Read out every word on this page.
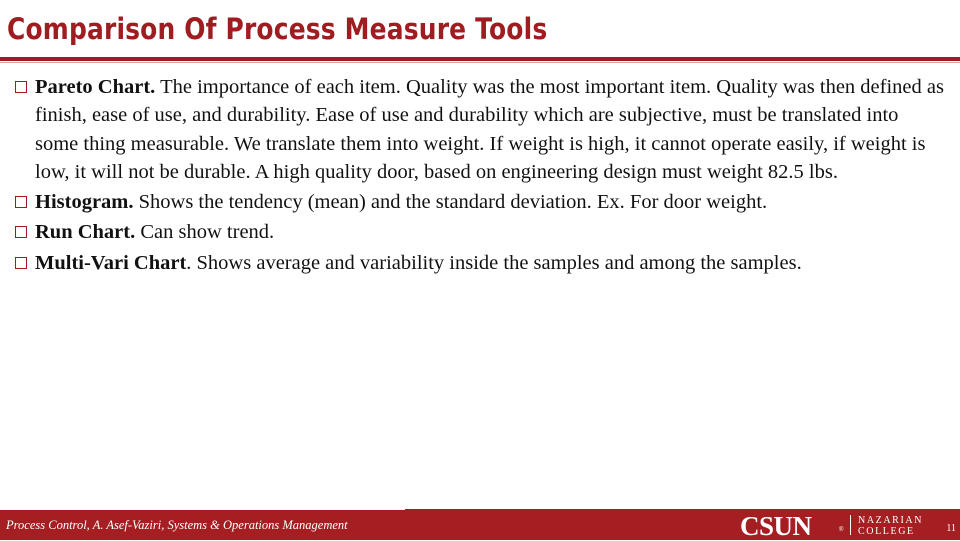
Comparison Of Process Measure Tools
Pareto Chart. The importance of each item. Quality was the most important item. Quality was then defined as finish, ease of use, and durability. Ease of use and durability which are subjective, must be translated into some thing measurable. We translate them into weight. If weight is high, it cannot operate easily, if weight is low, it will not be durable. A high quality door, based on engineering design must weight 82.5 lbs.
Histogram. Shows the tendency (mean) and the standard deviation. Ex. For door weight.
Run Chart. Can show trend.
Multi-Vari Chart. Shows average and variability inside the samples and among the samples.
Process Control, A. Asef-Vaziri, Systems & Operations Management	CSUN	®
NAZARIAN
COLLEGE	11
